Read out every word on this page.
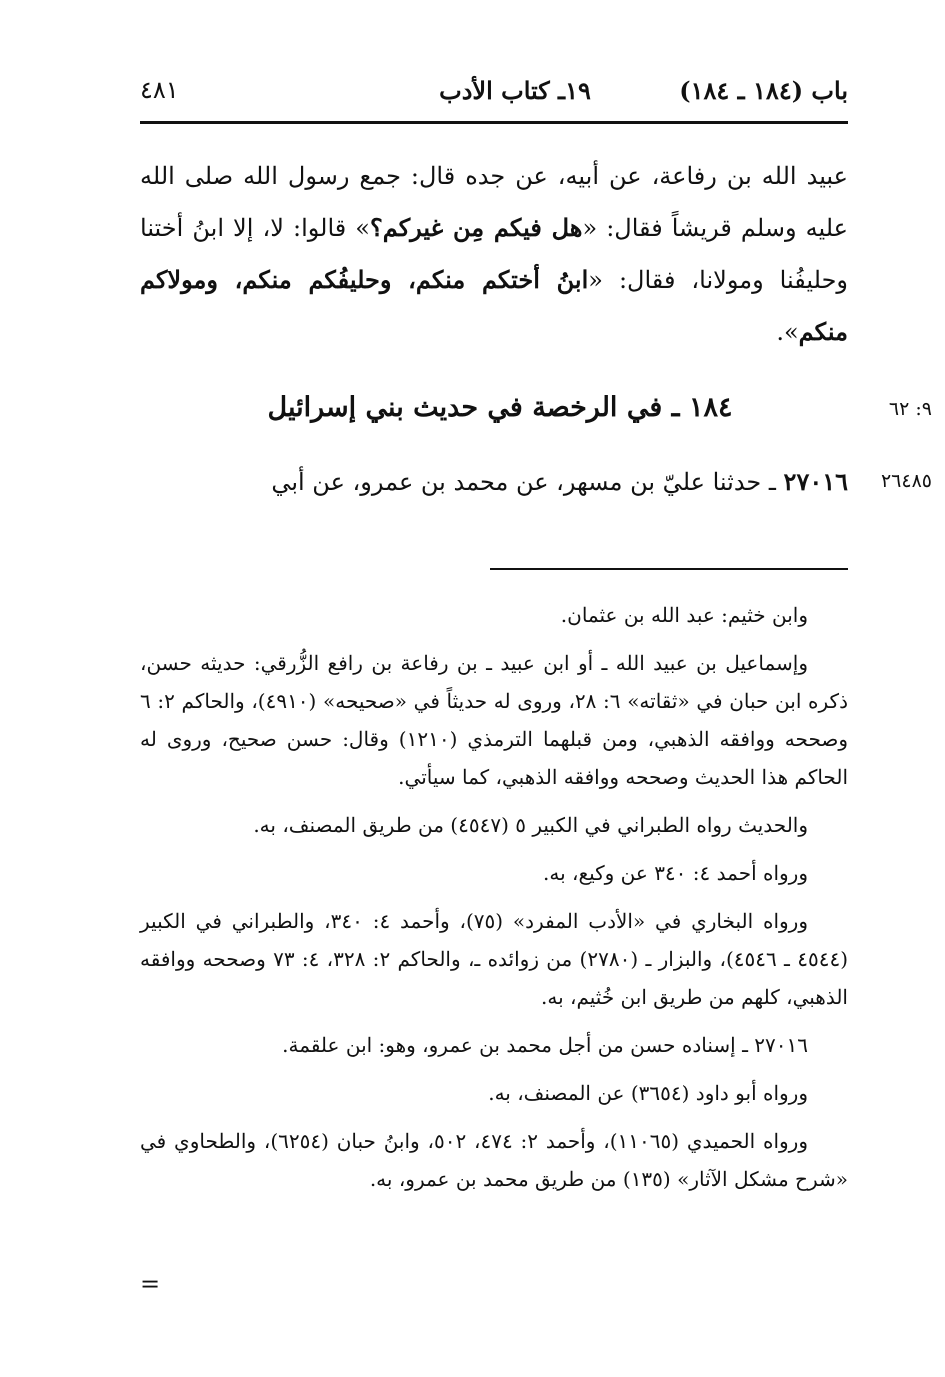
٤٨١	١٩ـ كتاب الأدب	باب (١٨٤ ـ ١٨٤)

عبيد الله بن رفاعة، عن أبيه، عن جده قال: جمع رسول الله صلى الله عليه وسلم قريشاً فقال: «هل فيكم مِن غيركم؟» قالوا: لا، إلا ابنُ أختنا وحليفُنا ومولانا، فقال: «ابنُ أختكم منكم، وحليفُكم منكم، ومولاكم منكم».

٩: ٦٢
١٨٤ ـ في الرخصة في حديث بني إسرائيل
٢٦٤٨٥
٢٧٠١٦ ـ حدثنا عليّ بن مسهر، عن محمد بن عمرو، عن أبي

وابن خثيم: عبد الله بن عثمان.

وإسماعيل بن عبيد الله ـ أو ابن عبيد ـ بن رفاعة بن رافع الزُّرقي: حديثه حسن، ذكره ابن حبان في «ثقاته» ٦: ٢٨، وروى له حديثاً في «صحيحه» (٤٩١٠)، والحاكم ٢: ٦ وصححه ووافقه الذهبي، ومن قبلهما الترمذي (١٢١٠) وقال: حسن صحيح، وروى له الحاكم هذا الحديث وصححه ووافقه الذهبي، كما سيأتي.

والحديث رواه الطبراني في الكبير ٥ (٤٥٤٧) من طريق المصنف، به.

ورواه أحمد ٤: ٣٤٠ عن وكيع، به.

ورواه البخاري في «الأدب المفرد» (٧٥)، وأحمد ٤: ٣٤٠، والطبراني في الكبير (٤٥٤٤ ـ ٤٥٤٦)، والبزار ـ (٢٧٨٠) من زوائده ـ، والحاكم ٢: ٣٢٨، ٤: ٧٣ وصححه ووافقه الذهبي، كلهم من طريق ابن خُثيم، به.

٢٧٠١٦ ـ إسناده حسن من أجل محمد بن عمرو، وهو: ابن علقمة.

ورواه أبو داود (٣٦٥٤) عن المصنف، به.

ورواه الحميدي (١١٠٦٥)، وأحمد ٢: ٤٧٤، ٥٠٢، وابنُ حبان (٦٢٥٤)، والطحاوي في «شرح مشكل الآثار» (١٣٥) من طريق محمد بن عمرو، به.

=
